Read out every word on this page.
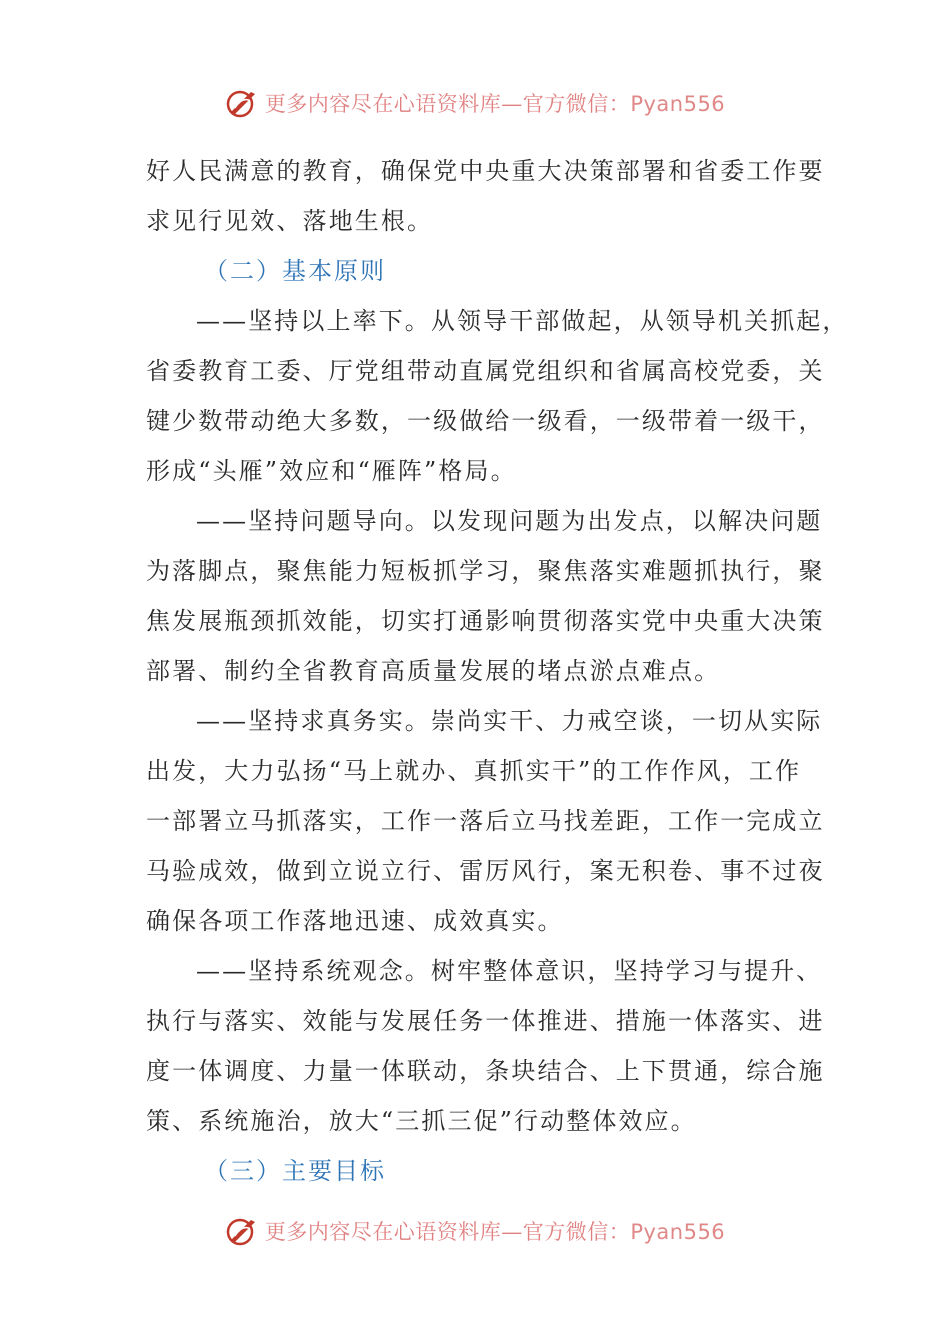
更多内容尽在心语资料库—官方微信：Pyan556
好人民满意的教育，确保党中央重大决策部署和省委工作要
求见行见效、落地生根。
（二）基本原则
——坚持以上率下。从领导干部做起，从领导机关抓起，
省委教育工委、厅党组带动直属党组织和省属高校党委，关
键少数带动绝大多数，一级做给一级看，一级带着一级干，
形成“头雁”效应和“雁阵”格局。
——坚持问题导向。以发现问题为出发点，以解决问题
为落脚点，聚焦能力短板抓学习，聚焦落实难题抓执行，聚
焦发展瓶颈抓效能，切实打通影响贯彻落实党中央重大决策
部署、制约全省教育高质量发展的堵点淤点难点。
——坚持求真务实。崇尚实干、力戒空谈，一切从实际
出发，大力弘扬“马上就办、真抓实干”的工作作风，工作
一部署立马抓落实，工作一落后立马找差距，工作一完成立
马验成效，做到立说立行、雷厉风行，案无积卷、事不过夜
确保各项工作落地迅速、成效真实。
——坚持系统观念。树牢整体意识，坚持学习与提升、
执行与落实、效能与发展任务一体推进、措施一体落实、进
度一体调度、力量一体联动，条块结合、上下贯通，综合施
策、系统施治，放大“三抓三促”行动整体效应。
（三）主要目标
更多内容尽在心语资料库—官方微信：Pyan556
